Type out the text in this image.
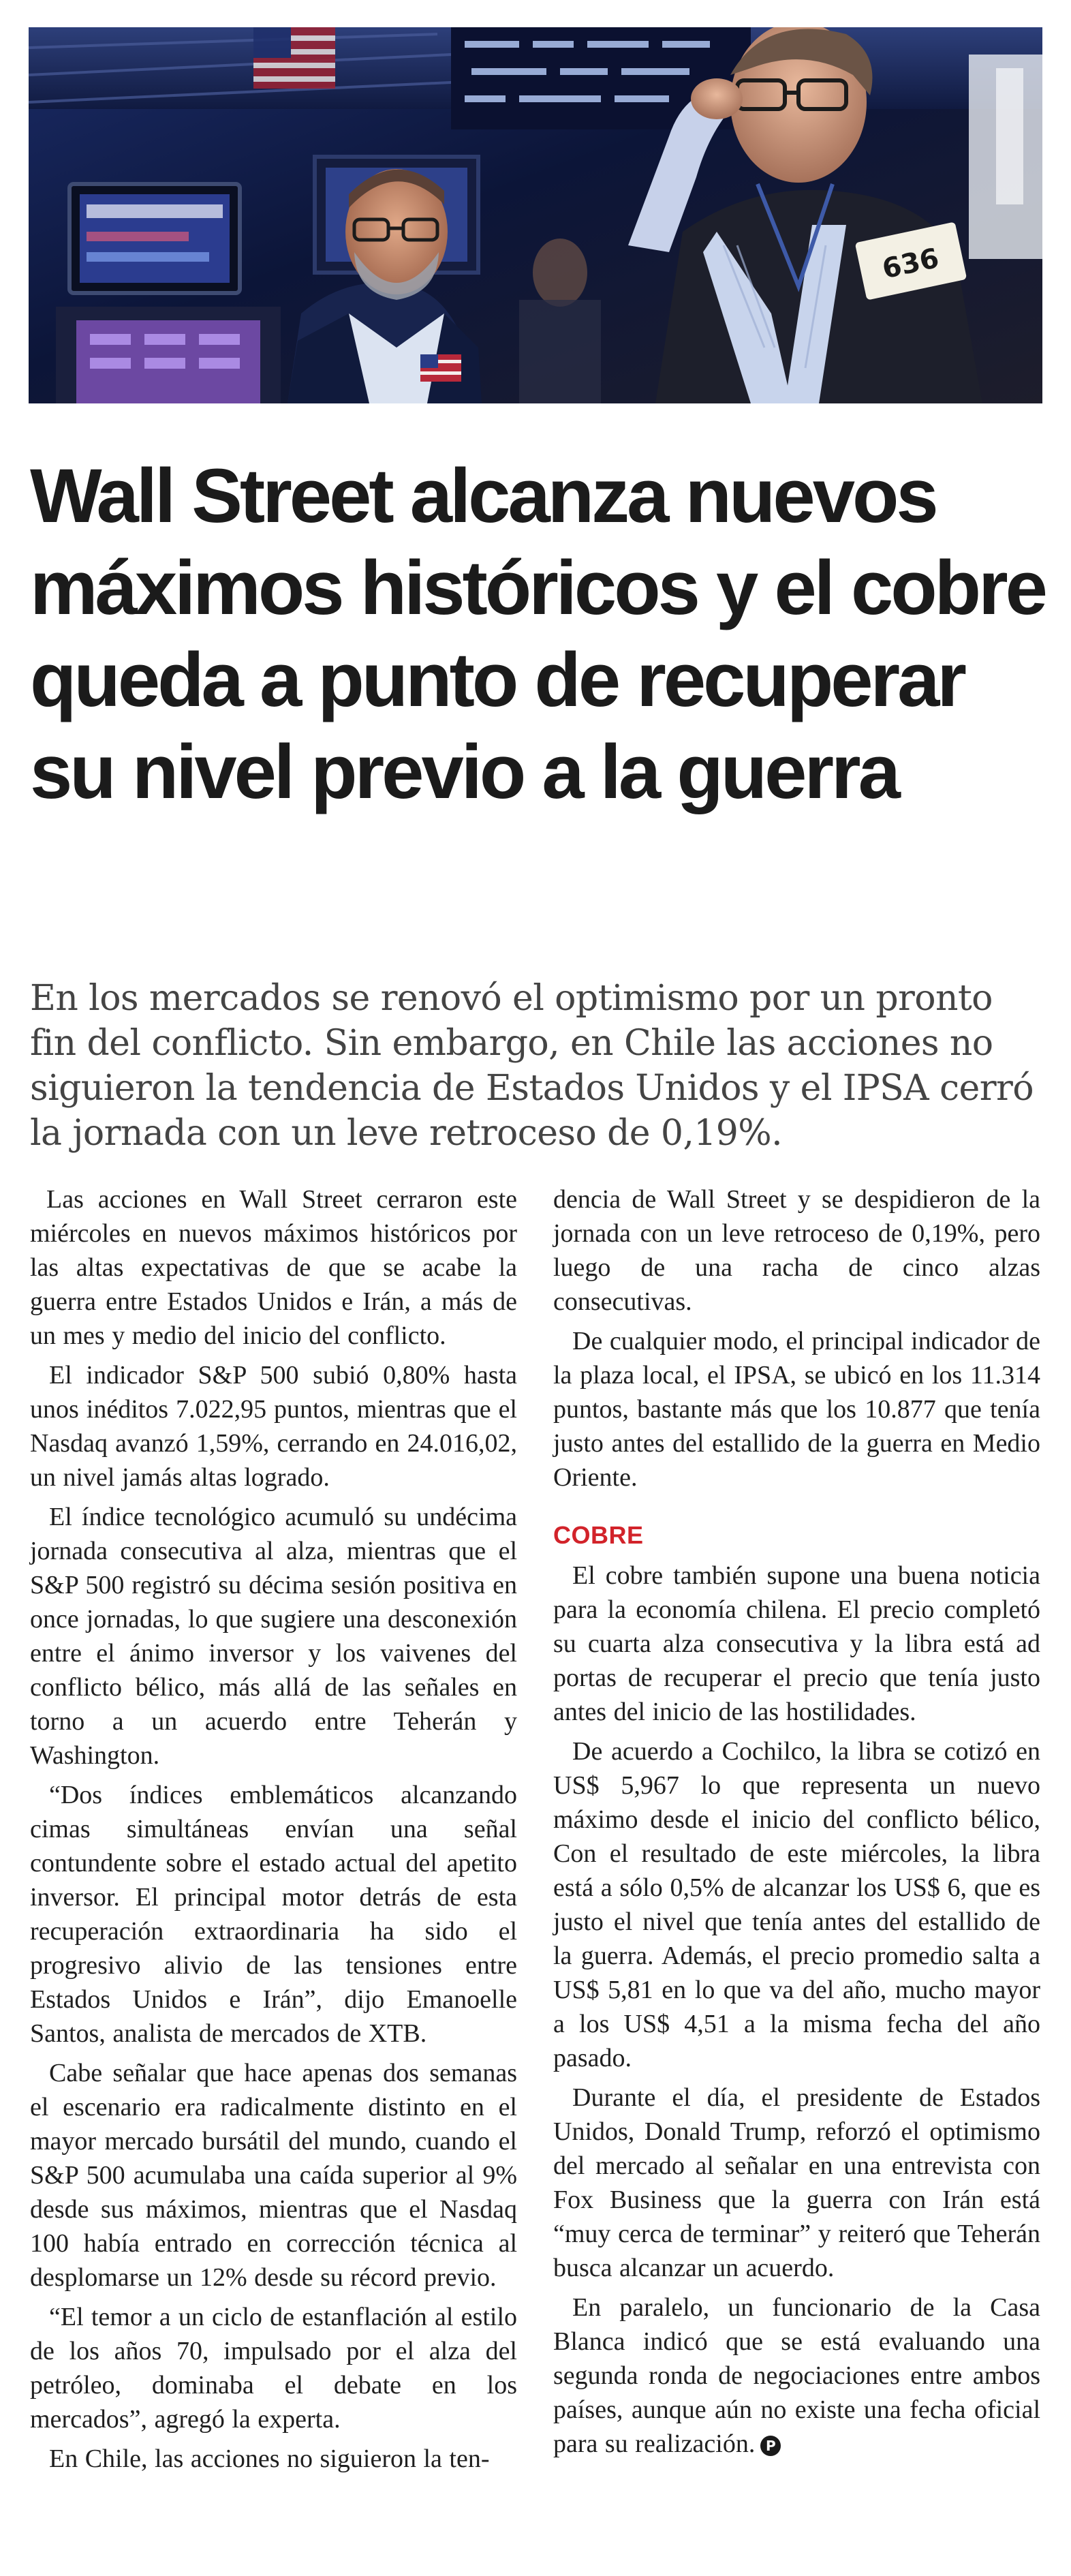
636
Wall Street alcanza nuevos máximos históricos y el cobre queda a punto de recuperar su nivel previo a la guerra

En los mercados se renovó el optimismo por un pronto fin del conflicto. Sin embargo, en Chile las acciones no siguieron la tendencia de Estados Unidos y el IPSA cerró la jornada con un leve retroceso de 0,19%.

Las acciones en Wall Street cerraron este miércoles en nuevos máximos históricos por las altas expectativas de que se acabe la guerra entre Estados Unidos e Irán, a más de un mes y medio del inicio del conflicto.

El indicador S&P 500 subió 0,80% hasta unos inéditos 7.022,95 puntos, mientras que el Nasdaq avanzó 1,59%, cerrando en 24.016,02, un nivel jamás altas logrado.

El índice tecnológico acumuló su undécima jornada consecutiva al alza, mientras que el S&P 500 registró su décima sesión positiva en once jornadas, lo que sugiere una desconexión entre el ánimo inversor y los vaivenes del conflicto bélico, más allá de las señales en torno a un acuerdo entre Teherán y Washington.

“Dos índices emblemáticos alcanzando cimas simultáneas envían una señal contundente sobre el estado actual del apetito inversor. El principal motor detrás de esta recuperación extraordinaria ha sido el progresivo alivio de las tensiones entre Estados Unidos e Irán”, dijo Emanoelle Santos, analista de mercados de XTB.

Cabe señalar que hace apenas dos semanas el escenario era radicalmente distinto en el mayor mercado bursátil del mundo, cuando el S&P 500 acumulaba una caída superior al 9% desde sus máximos, mientras que el Nasdaq 100 había entrado en corrección técnica al desplomarse un 12% desde su récord previo.

“El temor a un ciclo de estanflación al estilo de los años 70, impulsado por el alza del petróleo, dominaba el debate en los mercados”, agregó la experta.

En Chile, las acciones no siguieron la ten-

dencia de Wall Street y se despidieron de la jornada con un leve retroceso de 0,19%, pero luego de una racha de cinco alzas consecutivas.

De cualquier modo, el principal indicador de la plaza local, el IPSA, se ubicó en los 11.314 puntos, bastante más que los 10.877 que tenía justo antes del estallido de la guerra en Medio Oriente.

COBRE

El cobre también supone una buena noticia para la economía chilena. El precio completó su cuarta alza consecutiva y la libra está ad portas de recuperar el precio que tenía justo antes del inicio de las hostilidades.

De acuerdo a Cochilco, la libra se cotizó en US$ 5,967 lo que representa un nuevo máximo desde el inicio del conflicto bélico, Con el resultado de este miércoles, la libra está a sólo 0,5% de alcanzar los US$ 6, que es justo el nivel que tenía antes del estallido de la guerra. Además, el precio promedio salta a US$ 5,81 en lo que va del año, mucho mayor a los US$ 4,51 a la misma fecha del año pasado.

Durante el día, el presidente de Estados Unidos, Donald Trump, reforzó el optimismo del mercado al señalar en una entrevista con Fox Business que la guerra con Irán está “muy cerca de terminar” y reiteró que Teherán busca alcanzar un acuerdo.

En paralelo, un funcionario de la Casa Blanca indicó que se está evaluando una segunda ronda de negociaciones entre ambos países, aunque aún no existe una fecha oficial para su realización. P
